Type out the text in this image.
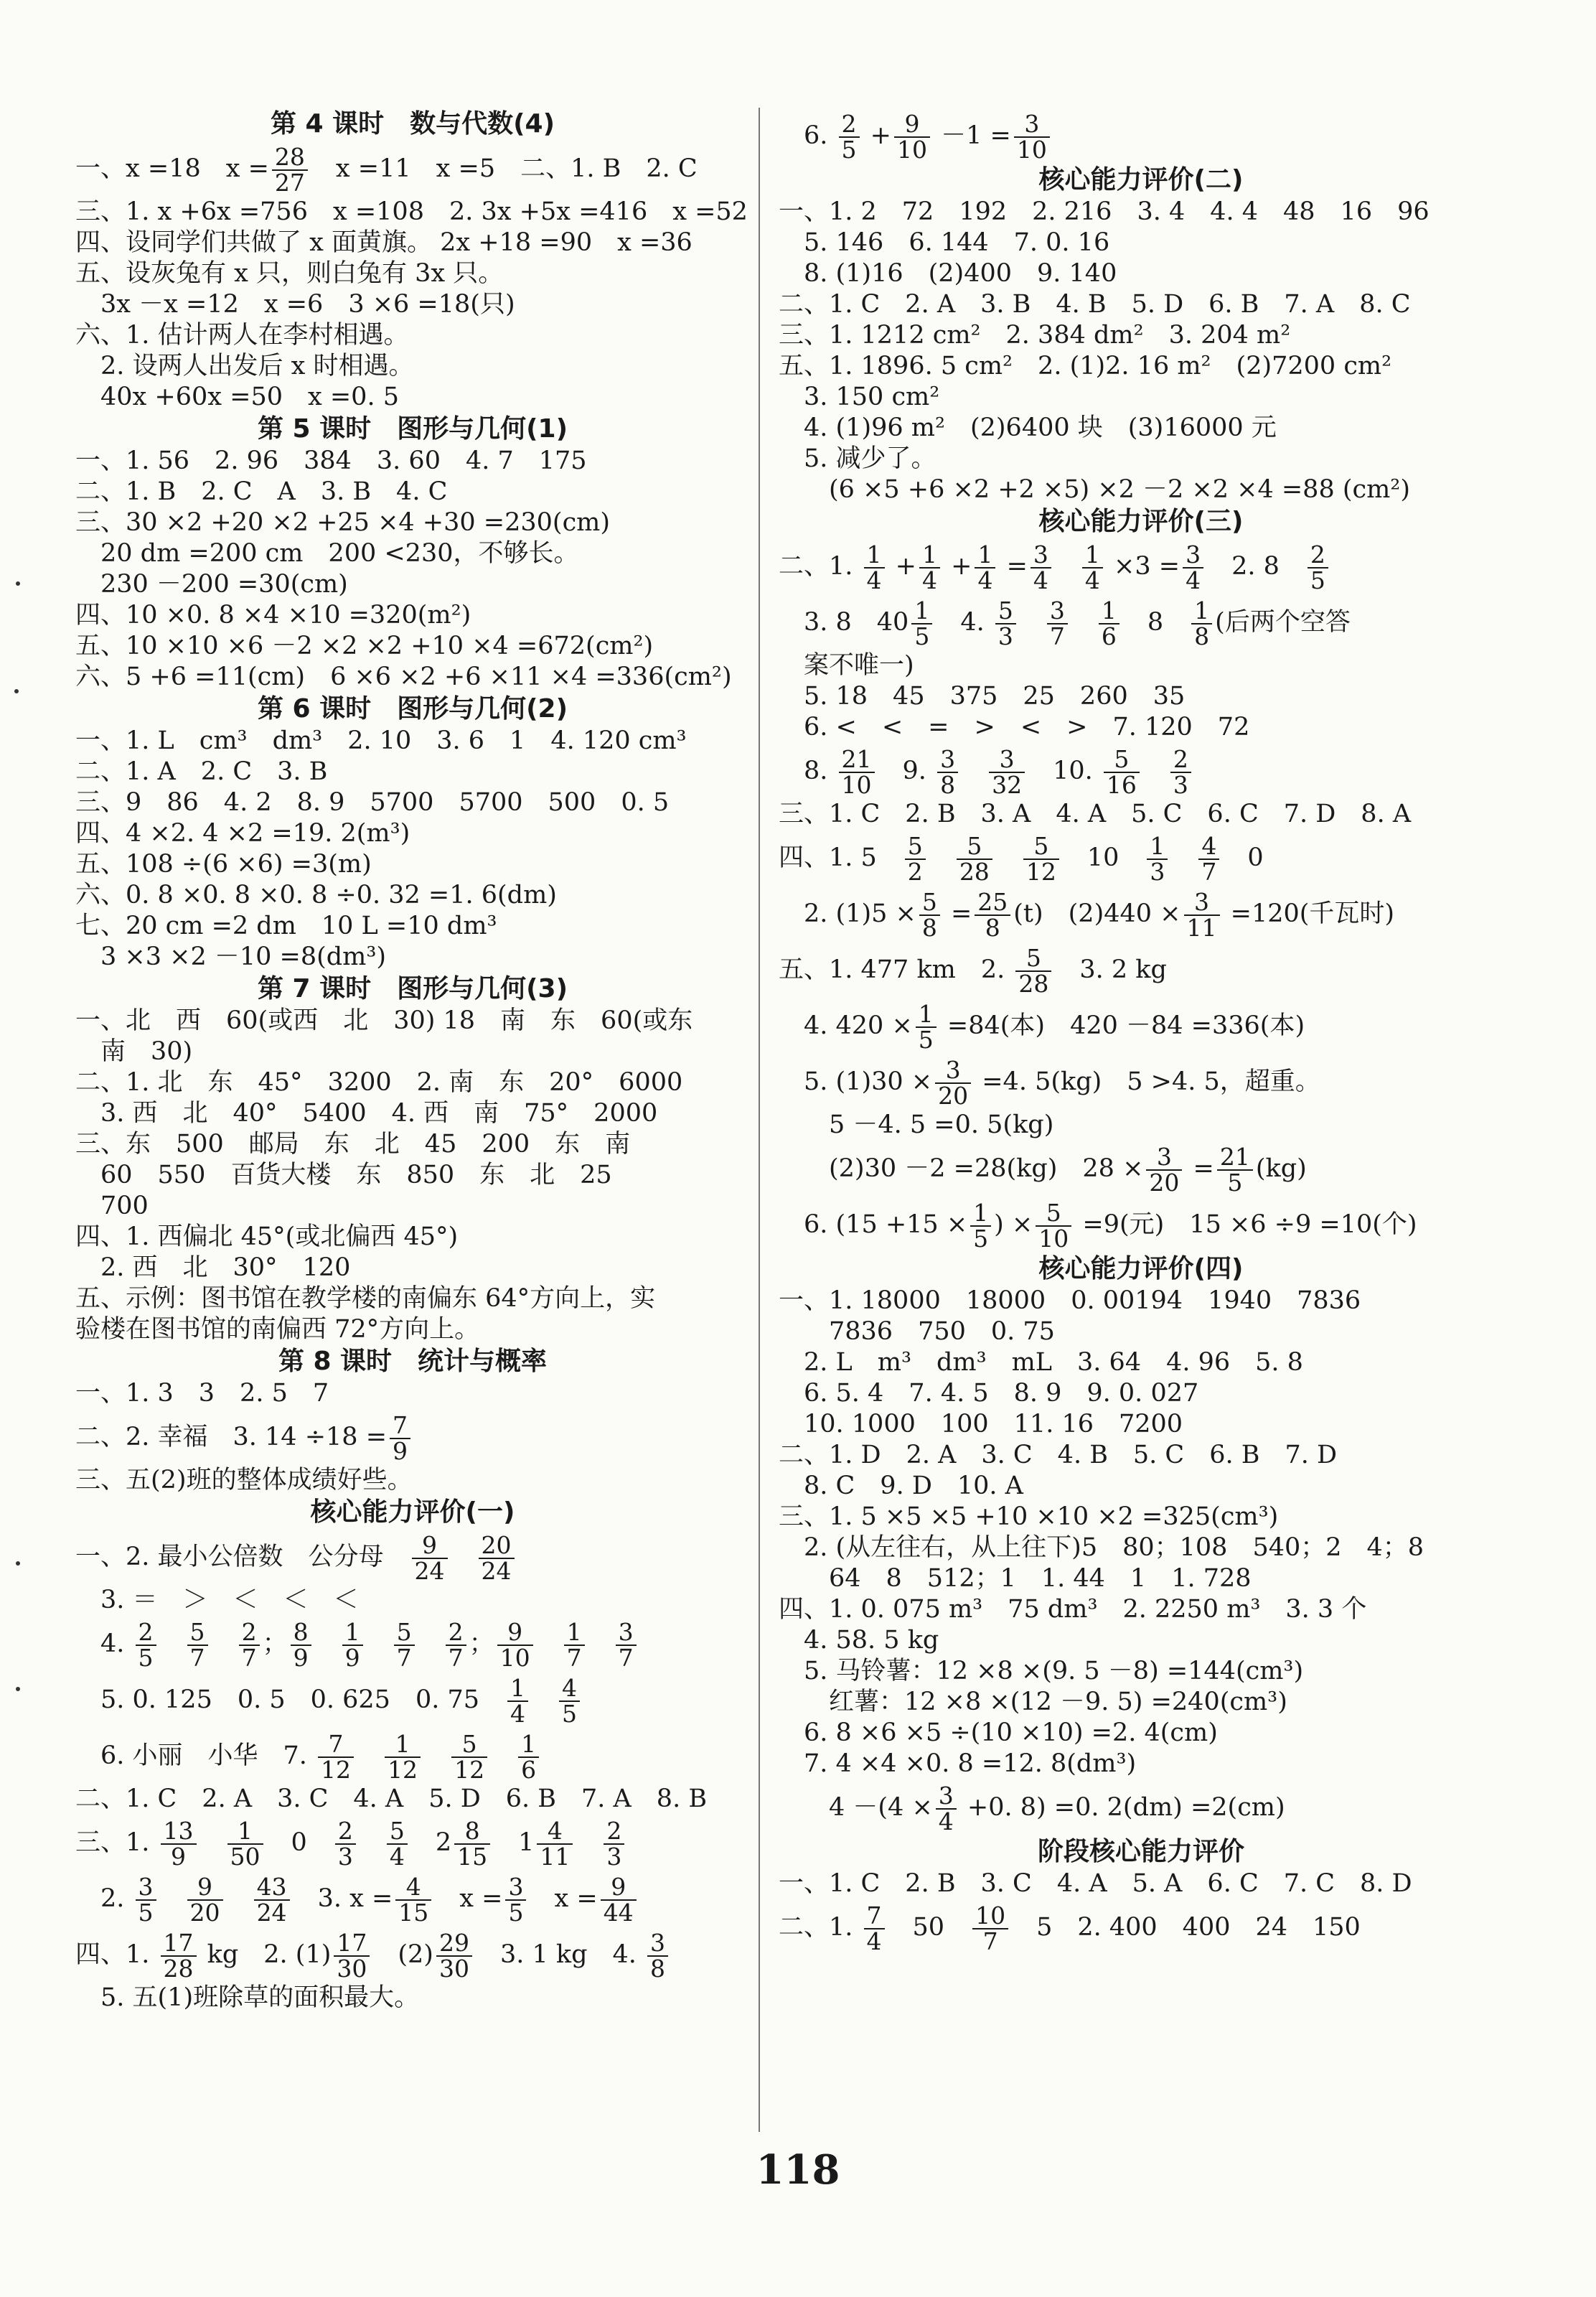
第 4 课时　数与代数(4)
一、x =18　$x = \frac{28}{27}$ 　x =11　x =5　二、1. B　2. C
三、1. x +6x =756　x =108　2. 3x +5x =416　x =52
四、设同学们共做了 x 面黄旗。 2x +18 =90　x =36
五、设灰兔有 x 只，则白兔有 3x 只。
　3x －x =12　x =6　3 ×6 =18(只)
六、1. 估计两人在李村相遇。
　2. 设两人出发后 x 时相遇。
　40x +60x =50　x =0. 5
第 5 课时　图形与几何(1)
一、1. 56　2. 96　384　3. 60　4. 7　175
二、1. B　2. C　A　3. B　4. C
三、30 ×2 +20 ×2 +25 ×4 +30 =230(cm)
　20 dm =200 cm　200 <230，不够长。
　230 －200 =30(cm)
四、10 ×0. 8 ×4 ×10 =320(m²)
五、10 ×10 ×6 －2 ×2 ×2 +10 ×4 =672(cm²)
六、5 +6 =11(cm)　6 ×6 ×2 +6 ×11 ×4 =336(cm²)
第 6 课时　图形与几何(2)
一、1. L　cm³　dm³　2. 10　3. 6　1　4. 120 cm³
二、1. A　2. C　3. B
三、9　86　4. 2　8. 9　5700　5700　500　0. 5
四、4 ×2. 4 ×2 =19. 2(m³)
五、108 ÷(6 ×6) =3(m)
六、0. 8 ×0. 8 ×0. 8 ÷0. 32 =1. 6(dm)
七、20 cm =2 dm　10 L =10 dm³
　3 ×3 ×2 －10 =8(dm³)
第 7 课时　图形与几何(3)
一、北　西　60(或西　北　30) 18　南　东　60(或东
　南　30)
二、1. 北　东　45°　3200　2. 南　东　20°　6000
　3. 西　北　40°　5400　4. 西　南　75°　2000
三、东　500　邮局　东　北　45　200　东　南
　60　550　百货大楼　东　850　东　北　25
　700
四、1. 西偏北 45°(或北偏西 45°)
　2. 西　北　30°　120
五、示例：图书馆在教学楼的南偏东 64°方向上，实
验楼在图书馆的南偏西 72°方向上。
第 8 课时　统计与概率
一、1. 3　3　2. 5　7
二、2. 幸福　3. $14 \div 18 = \frac{7}{9}$
三、五(2)班的整体成绩好些。
核心能力评价(一)
一、2. 最小公倍数　公分母　 $\frac{9}{24}$
　 $\frac{20}{24}$
　3. ＝　＞　＜　＜　＜
　4. $\frac{2}{5}$
　 $\frac{5}{7}$
　 $\frac{2}{7}$ ； $\frac{8}{9}$
　 $\frac{1}{9}$
　 $\frac{5}{7}$
　 $\frac{2}{7}$ ； $\frac{9}{10}$
　 $\frac{1}{7}$
　 $\frac{3}{7}$
　5. 0. 125　0. 5　0. 625　0. 75　 $\frac{1}{4}$
　 $\frac{4}{5}$
　6. 小丽　小华　7. $\frac{7}{12}$
　 $\frac{1}{12}$
　 $\frac{5}{12}$
　 $\frac{1}{6}$
二、1. C　2. A　3. C　4. A　5. D　6. B　7. A　8. B
三、1. $\frac{13}{9}$
　 $\frac{1}{50}$ 　0　 $\frac{2}{3}$
　 $\frac{5}{4}$ 　$2 \frac{8}{15}$ 　$1 \frac{4}{11}$
　 $\frac{2}{3}$
　2. $\frac{3}{5}$
　 $\frac{9}{20}$
　 $\frac{43}{24}$ 　3. $x = \frac{4}{15}$ 　$x = \frac{3}{5}$ 　$x = \frac{9}{44}$
四、1. $\frac{17}{28}$ kg　2. $(1) \frac{17}{30}$ 　$(2) \frac{29}{30}$ 　3. 1 kg　4. $\frac{3}{8}$
　5. 五(1)班除草的面积最大。
　6. $\frac{2}{5} + \frac{9}{10} -1 = \frac{3}{10}$
核心能力评价(二)
一、1. 2　72　192　2. 216　3. 4　4. 4　48　16　96
　5. 146　6. 144　7. 0. 16
　8. (1)16　(2)400　9. 140
二、1. C　2. A　3. B　4. B　5. D　6. B　7. A　8. C
三、1. 1212 cm²　2. 384 dm²　3. 204 m²
五、1. 1896. 5 cm²　2. (1)2. 16 m²　(2)7200 cm²
　3. 150 cm²
　4. (1)96 m²　(2)6400 块　(3)16000 元
　5. 减少了。
　　(6 ×5 +6 ×2 +2 ×5) ×2 －2 ×2 ×4 =88 (cm²)
核心能力评价(三)
二、1. $\frac{1}{4} + \frac{1}{4} + \frac{1}{4} = \frac{3}{4}$
　 $\frac{1}{4} \times 3 = \frac{3}{4}$ 　2. 8　 $\frac{2}{5}$
　3. 8　$40 \frac{1}{5}$ 　4. $\frac{5}{3}$
　 $\frac{3}{7}$
　 $\frac{1}{6}$ 　8　 $\frac{1}{8}$ (后两个空答
　案不唯一)
　5. 18　45　375　25　260　35
　6. <　<　=　>　<　>　7. 120　72
　8. $\frac{21}{10}$ 　9. $\frac{3}{8}$
　 $\frac{3}{32}$ 　10. $\frac{5}{16}$
　 $\frac{2}{3}$
三、1. C　2. B　3. A　4. A　5. C　6. C　7. D　8. A
四、1. 5　 $\frac{5}{2}$
　 $\frac{5}{28}$
　 $\frac{5}{12}$ 　10　 $\frac{1}{3}$
　 $\frac{4}{7}$ 　0
　2. $(1)5 \times \frac{5}{8} = \frac{25}{8} (t)$　$(2)440 \times \frac{3}{11} =120$(千瓦时)
五、1. 477 km　2. $\frac{5}{28}$ 　3. 2 kg
　4. $420 \times \frac{1}{5} =84$(本)　420 －84 =336(本)
　5. $(1)30 \times \frac{3}{20} =4$. 5(kg)　5 >4. 5，超重。
　　5 －4. 5 =0. 5(kg)
　　(2)30 －2 =28(kg)　$28 \times \frac{3}{20} = \frac{21}{5} (kg)$
　6. ($15 +15 \times \frac{1}{5}$ ) × $\frac{5}{10} =9$(元)　15 ×6 ÷9 =10(个)
核心能力评价(四)
一、1. 18000　18000　0. 00194　1940　7836
　　7836　750　0. 75
　2. L　m³　dm³　mL　3. 64　4. 96　5. 8
　6. 5. 4　7. 4. 5　8. 9　9. 0. 027
　10. 1000　100　11. 16　7200
二、1. D　2. A　3. C　4. B　5. C　6. B　7. D
　8. C　9. D　10. A
三、1. 5 ×5 ×5 +10 ×10 ×2 =325(cm³)
　2. (从左往右，从上往下)5　80；108　540；2　4；8
　　64　8　512；1　1. 44　1　1. 728
四、1. 0. 075 m³　75 dm³　2. 2250 m³　3. 3 个
　4. 58. 5 kg
　5. 马铃薯：12 ×8 ×(9. 5 －8) =144(cm³)
　　红薯：12 ×8 ×(12 －9. 5) =240(cm³)
　6. 8 ×6 ×5 ÷(10 ×10) =2. 4(cm)
　7. 4 ×4 ×0. 8 =12. 8(dm³)
　　$4 -(4 \times \frac{3}{4} +0$. 8) =0. 2(dm) =2(cm)
阶段核心能力评价
一、1. C　2. B　3. C　4. A　5. A　6. C　7. C　8. D
二、1. $\frac{7}{4}$ 　50　 $\frac{10}{7}$ 　5　2. 400　400　24　150
118
